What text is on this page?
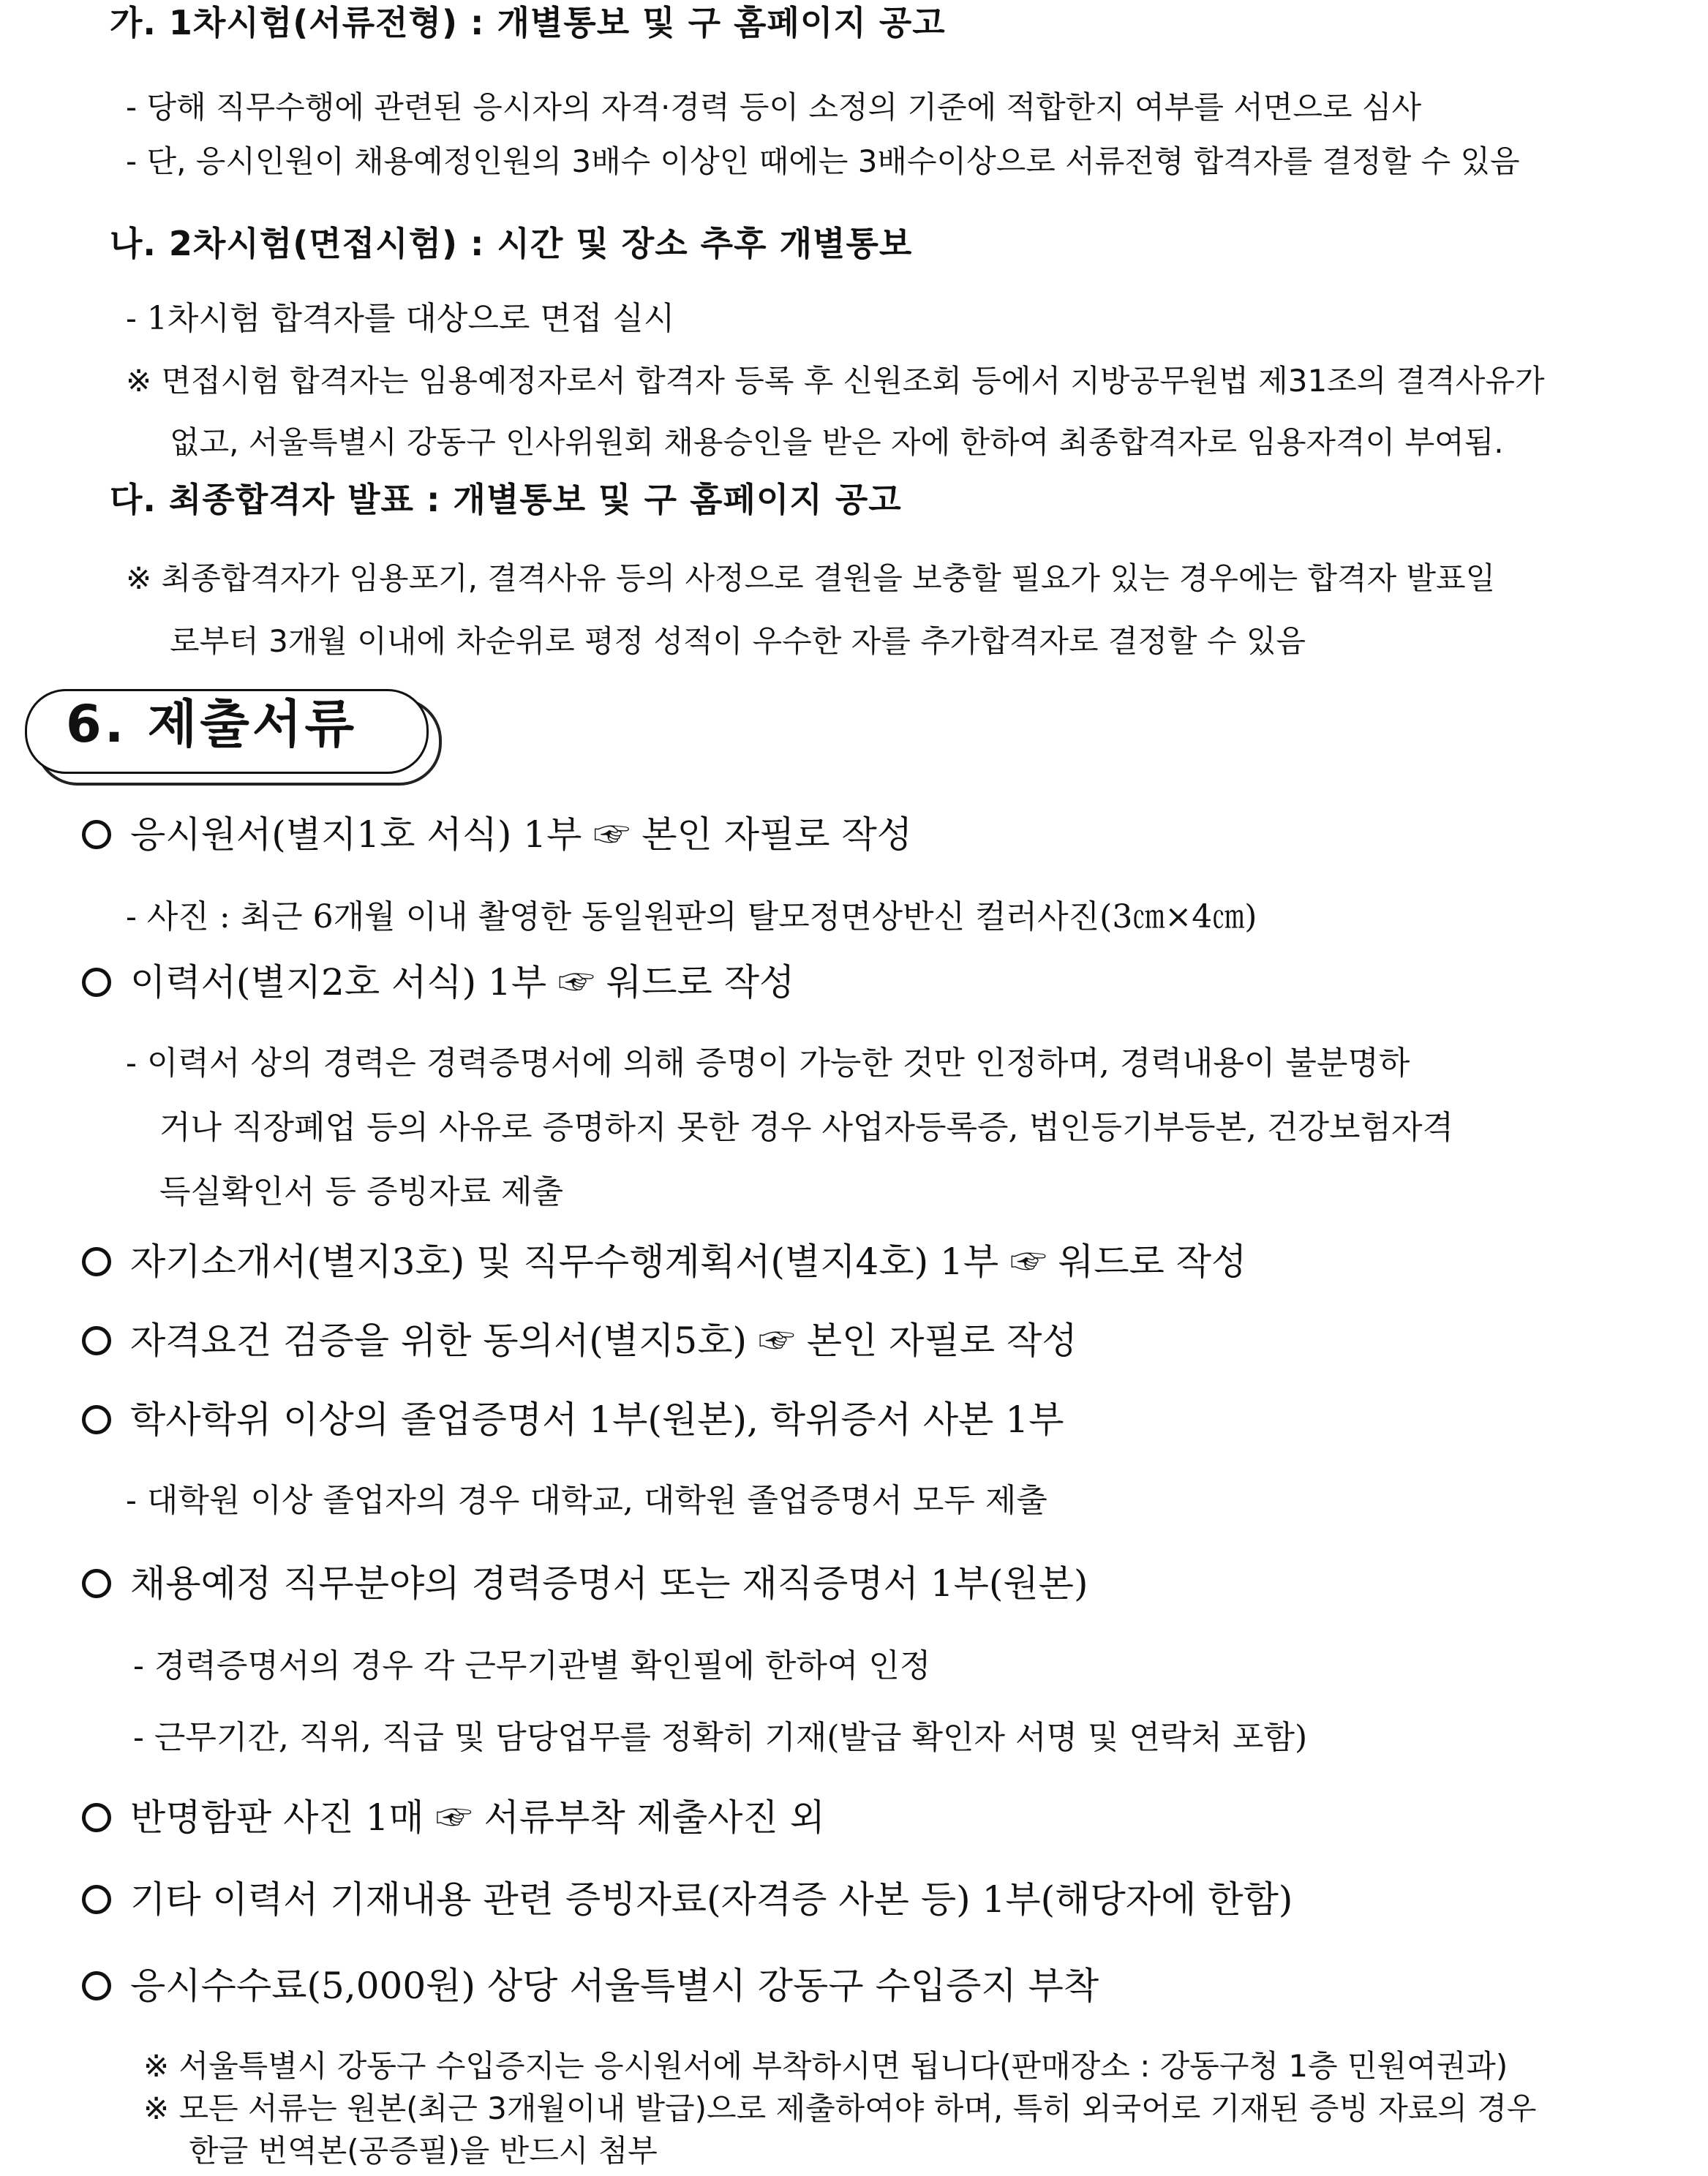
가. 1차시험(서류전형) : 개별통보 및 구 홈페이지 공고
- 당해 직무수행에 관련된 응시자의 자격·경력 등이 소정의 기준에 적합한지 여부를 서면으로 심사
- 단, 응시인원이 채용예정인원의 3배수 이상인 때에는 3배수이상으로 서류전형 합격자를 결정할 수 있음
나. 2차시험(면접시험) : 시간 및 장소 추후 개별통보
- 1차시험 합격자를 대상으로 면접 실시
※ 면접시험 합격자는 임용예정자로서 합격자 등록 후 신원조회 등에서 지방공무원법 제31조의 결격사유가
없고, 서울특별시 강동구 인사위원회 채용승인을 받은 자에 한하여 최종합격자로 임용자격이 부여됨.
다. 최종합격자 발표 : 개별통보 및 구 홈페이지 공고
※ 최종합격자가 임용포기, 결격사유 등의 사정으로 결원을 보충할 필요가 있는 경우에는 합격자 발표일
로부터 3개월 이내에 차순위로 평정 성적이 우수한 자를 추가합격자로 결정할 수 있음
6. 제출서류
응시원서(별지1호 서식) 1부 ☞ 본인 자필로 작성
- 사진 : 최근 6개월 이내 촬영한 동일원판의 탈모정면상반신 컬러사진(3㎝×4㎝)
이력서(별지2호 서식) 1부 ☞ 워드로 작성
- 이력서 상의 경력은 경력증명서에 의해 증명이 가능한 것만 인정하며, 경력내용이 불분명하
거나 직장폐업 등의 사유로 증명하지 못한 경우 사업자등록증, 법인등기부등본, 건강보험자격
득실확인서 등 증빙자료 제출
자기소개서(별지3호) 및 직무수행계획서(별지4호) 1부 ☞ 워드로 작성
자격요건 검증을 위한 동의서(별지5호) ☞ 본인 자필로 작성
학사학위 이상의 졸업증명서 1부(원본), 학위증서 사본 1부
- 대학원 이상 졸업자의 경우 대학교, 대학원 졸업증명서 모두 제출
채용예정 직무분야의 경력증명서 또는 재직증명서 1부(원본)
- 경력증명서의 경우 각 근무기관별 확인필에 한하여 인정
- 근무기간, 직위, 직급 및 담당업무를 정확히 기재(발급 확인자 서명 및 연락처 포함)
반명함판 사진 1매 ☞ 서류부착 제출사진 외
기타 이력서 기재내용 관련 증빙자료(자격증 사본 등) 1부(해당자에 한함)
응시수수료(5,000원) 상당 서울특별시 강동구 수입증지 부착
※ 서울특별시 강동구 수입증지는 응시원서에 부착하시면 됩니다(판매장소 : 강동구청 1층 민원여권과)
※ 모든 서류는 원본(최근 3개월이내 발급)으로 제출하여야 하며, 특히 외국어로 기재된 증빙 자료의 경우
한글 번역본(공증필)을 반드시 첨부
